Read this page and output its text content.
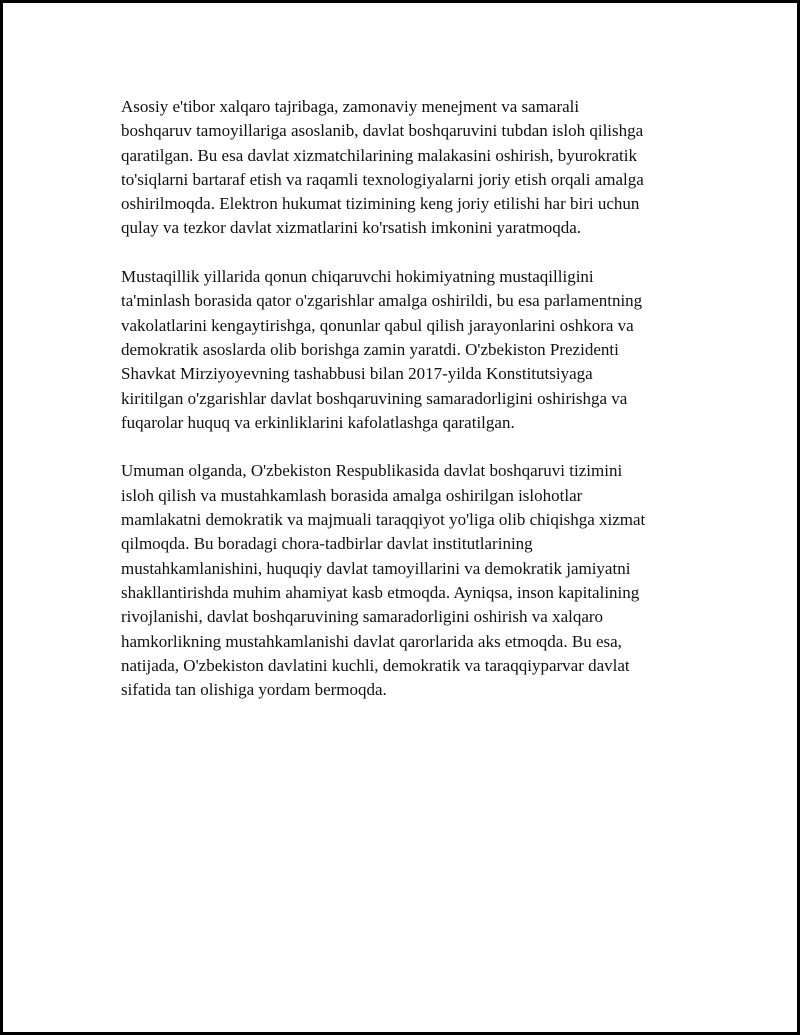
Asosiy e'tibor xalqaro tajribaga, zamonaviy menejment va samarali
boshqaruv tamoyillariga asoslanib, davlat boshqaruvini tubdan isloh qilishga
qaratilgan. Bu esa davlat xizmatchilarining malakasini oshirish, byurokratik
to'siqlarni bartaraf etish va raqamli texnologiyalarni joriy etish orqali amalga
oshirilmoqda. Elektron hukumat tizimining keng joriy etilishi har biri uchun
qulay va tezkor davlat xizmatlarini ko'rsatish imkonini yaratmoqda.

Mustaqillik yillarida qonun chiqaruvchi hokimiyatning mustaqilligini
ta'minlash borasida qator o'zgarishlar amalga oshirildi, bu esa parlamentning
vakolatlarini kengaytirishga, qonunlar qabul qilish jarayonlarini oshkora va
demokratik asoslarda olib borishga zamin yaratdi. O'zbekiston Prezidenti
Shavkat Mirziyoyevning tashabbusi bilan 2017-yilda Konstitutsiyaga
kiritilgan o'zgarishlar davlat boshqaruvining samaradorligini oshirishga va
fuqarolar huquq va erkinliklarini kafolatlashga qaratilgan.

Umuman olganda, O'zbekiston Respublikasida davlat boshqaruvi tizimini
isloh qilish va mustahkamlash borasida amalga oshirilgan islohotlar
mamlakatni demokratik va majmuali taraqqiyot yo'liga olib chiqishga xizmat
qilmoqda. Bu boradagi chora-tadbirlar davlat institutlarining
mustahkamlanishini, huquqiy davlat tamoyillarini va demokratik jamiyatni
shakllantirishda muhim ahamiyat kasb etmoqda. Ayniqsa, inson kapitalining
rivojlanishi, davlat boshqaruvining samaradorligini oshirish va xalqaro
hamkorlikning mustahkamlanishi davlat qarorlarida aks etmoqda. Bu esa,
natijada, O'zbekiston davlatini kuchli, demokratik va taraqqiyparvar davlat
sifatida tan olishiga yordam bermoqda.
